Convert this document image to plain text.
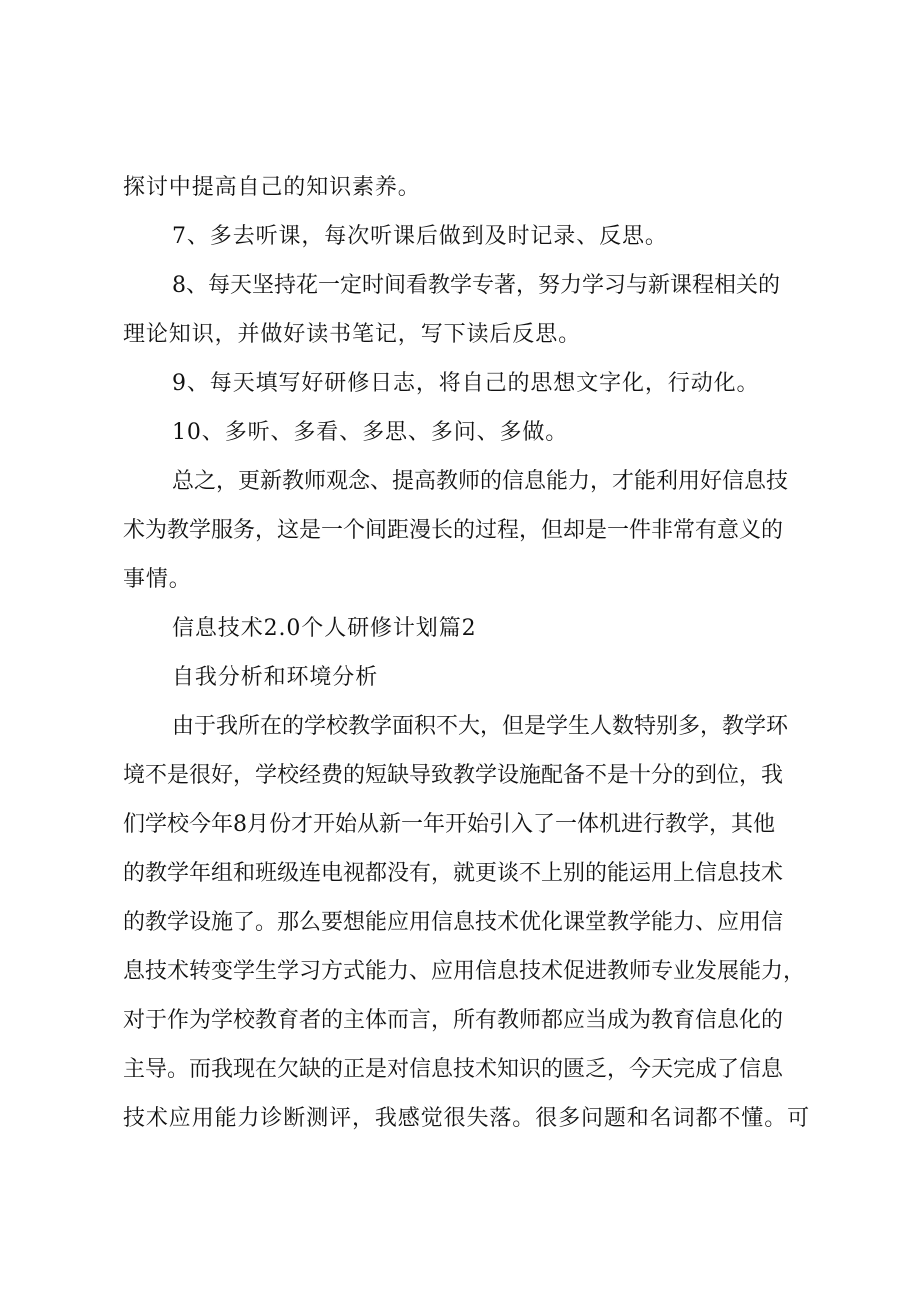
探讨中提高自己的知识素养。
7、多去听课，每次听课后做到及时记录、反思。
8、每天坚持花一定时间看教学专著，努力学习与新课程相关的
理论知识，并做好读书笔记，写下读后反思。
9、每天填写好研修日志，将自己的思想文字化，行动化。
10、多听、多看、多思、多问、多做。
总之，更新教师观念、提高教师的信息能力，才能利用好信息技
术为教学服务，这是一个间距漫长的过程，但却是一件非常有意义的
事情。
信息技术2.0个人研修计划篇2
自我分析和环境分析
由于我所在的学校教学面积不大，但是学生人数特别多，教学环
境不是很好，学校经费的短缺导致教学设施配备不是十分的到位，我
们学校今年8月份才开始从新一年开始引入了一体机进行教学，其他
的教学年组和班级连电视都没有，就更谈不上别的能运用上信息技术
的教学设施了。那么要想能应用信息技术优化课堂教学能力、应用信
息技术转变学生学习方式能力、应用信息技术促进教师专业发展能力，
对于作为学校教育者的主体而言，所有教师都应当成为教育信息化的
主导。而我现在欠缺的正是对信息技术知识的匮乏，今天完成了信息
技术应用能力诊断测评，我感觉很失落。很多问题和名词都不懂。可
